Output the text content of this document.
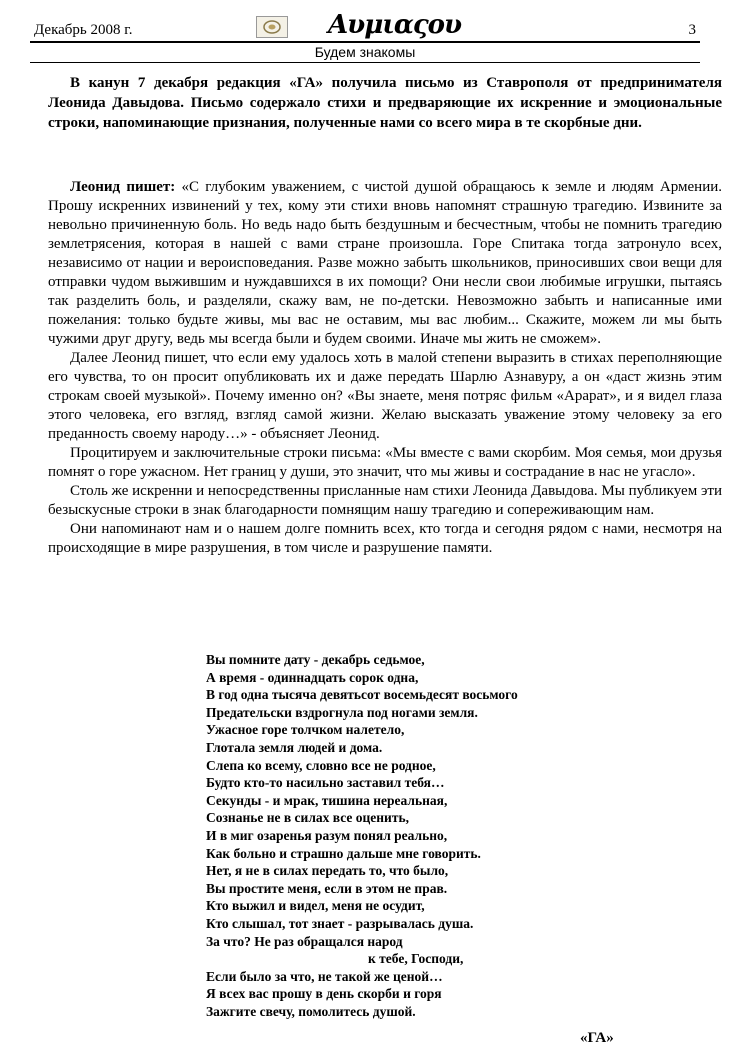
Декабрь 2008 г.	Αυμιαςου	3
Будем знакомы
В канун 7 декабря редакция «ГА» получила письмо из Ставрополя от предпринимателя Леонида Давыдова. Письмо содержало стихи и предваряющие их искренние и эмоциональные строки, напоминающие признания, полученные нами со всего мира в те скорбные дни.

Леонид пишет: «С глубоким уважением, с чистой душой обращаюсь к земле и людям Армении. Прошу искренних извинений у тех, кому эти стихи вновь напомнят страшную трагедию. Извините за невольно причиненную боль. Но ведь надо быть бездушным и бесчестным, чтобы не помнить трагедию землетрясения, которая в нашей с вами стране произошла. Горе Спитака тогда затронуло всех, независимо от нации и вероисповедания. Разве можно забыть школьников, приносивших свои вещи для отправки чудом выжившим и нуждавшихся в их помощи? Они несли свои любимые игрушки, пытаясь так разделить боль, и разделяли, скажу вам, не по-детски. Невозможно забыть и написанные ими пожелания: только будьте живы, мы вас не оставим, мы вас любим... Скажите, можем ли мы быть чужими друг другу, ведь мы всегда были и будем своими. Иначе мы жить не сможем».

Далее Леонид пишет, что если ему удалось хоть в малой степени выразить в стихах переполняющие его чувства, то он просит опубликовать их и даже передать Шарлю Азнавуру, а он «даст жизнь этим строкам своей музыкой». Почему именно он? «Вы знаете, меня потряс фильм «Арарат», и я видел глаза этого человека, его взгляд, взгляд самой жизни. Желаю высказать уважение этому человеку за его преданность своему народу…» - объясняет Леонид.

Процитируем и заключительные строки письма: «Мы вместе с вами скорбим. Моя семья, мои друзья помнят о горе ужасном. Нет границ у души, это значит, что мы живы и сострадание в нас не угасло».

Столь же искренни и непосредственны присланные нам стихи Леонида Давыдова. Мы публикуем эти безыскусные строки в знак благодарности помнящим нашу трагедию и сопереживающим нам.

Они напоминают нам и о нашем долге помнить всех, кто тогда и сегодня рядом с нами, несмотря на происходящие в мире разрушения, в том числе и разрушение памяти.

Вы помните дату - декабрь седьмое,
А время - одиннадцать сорок одна,
В год одна тысяча девятьсот восемьдесят восьмого
Предательски вздрогнула под ногами земля.
Ужасное горе толчком налетело,
Глотала земля людей и дома.
Слепа ко всему, словно все не родное,
Будто кто-то насильно заставил тебя…
Секунды - и мрак, тишина нереальная,
Сознанье не в силах все оценить,
И в миг озаренья разум понял реально,
Как больно и страшно дальше мне говорить.
Нет, я не в силах передать то, что было,
Вы простите меня, если в этом не прав.
Кто выжил и видел, меня не осудит,
Кто слышал, тот знает - разрывалась душа.
За что? Не раз обращался народ
к тебе, Господи,
Если было за что, не такой же ценой…
Я всех вас прошу в день скорби и горя
Зажгите свечу, помолитесь душой.
«ГА»
